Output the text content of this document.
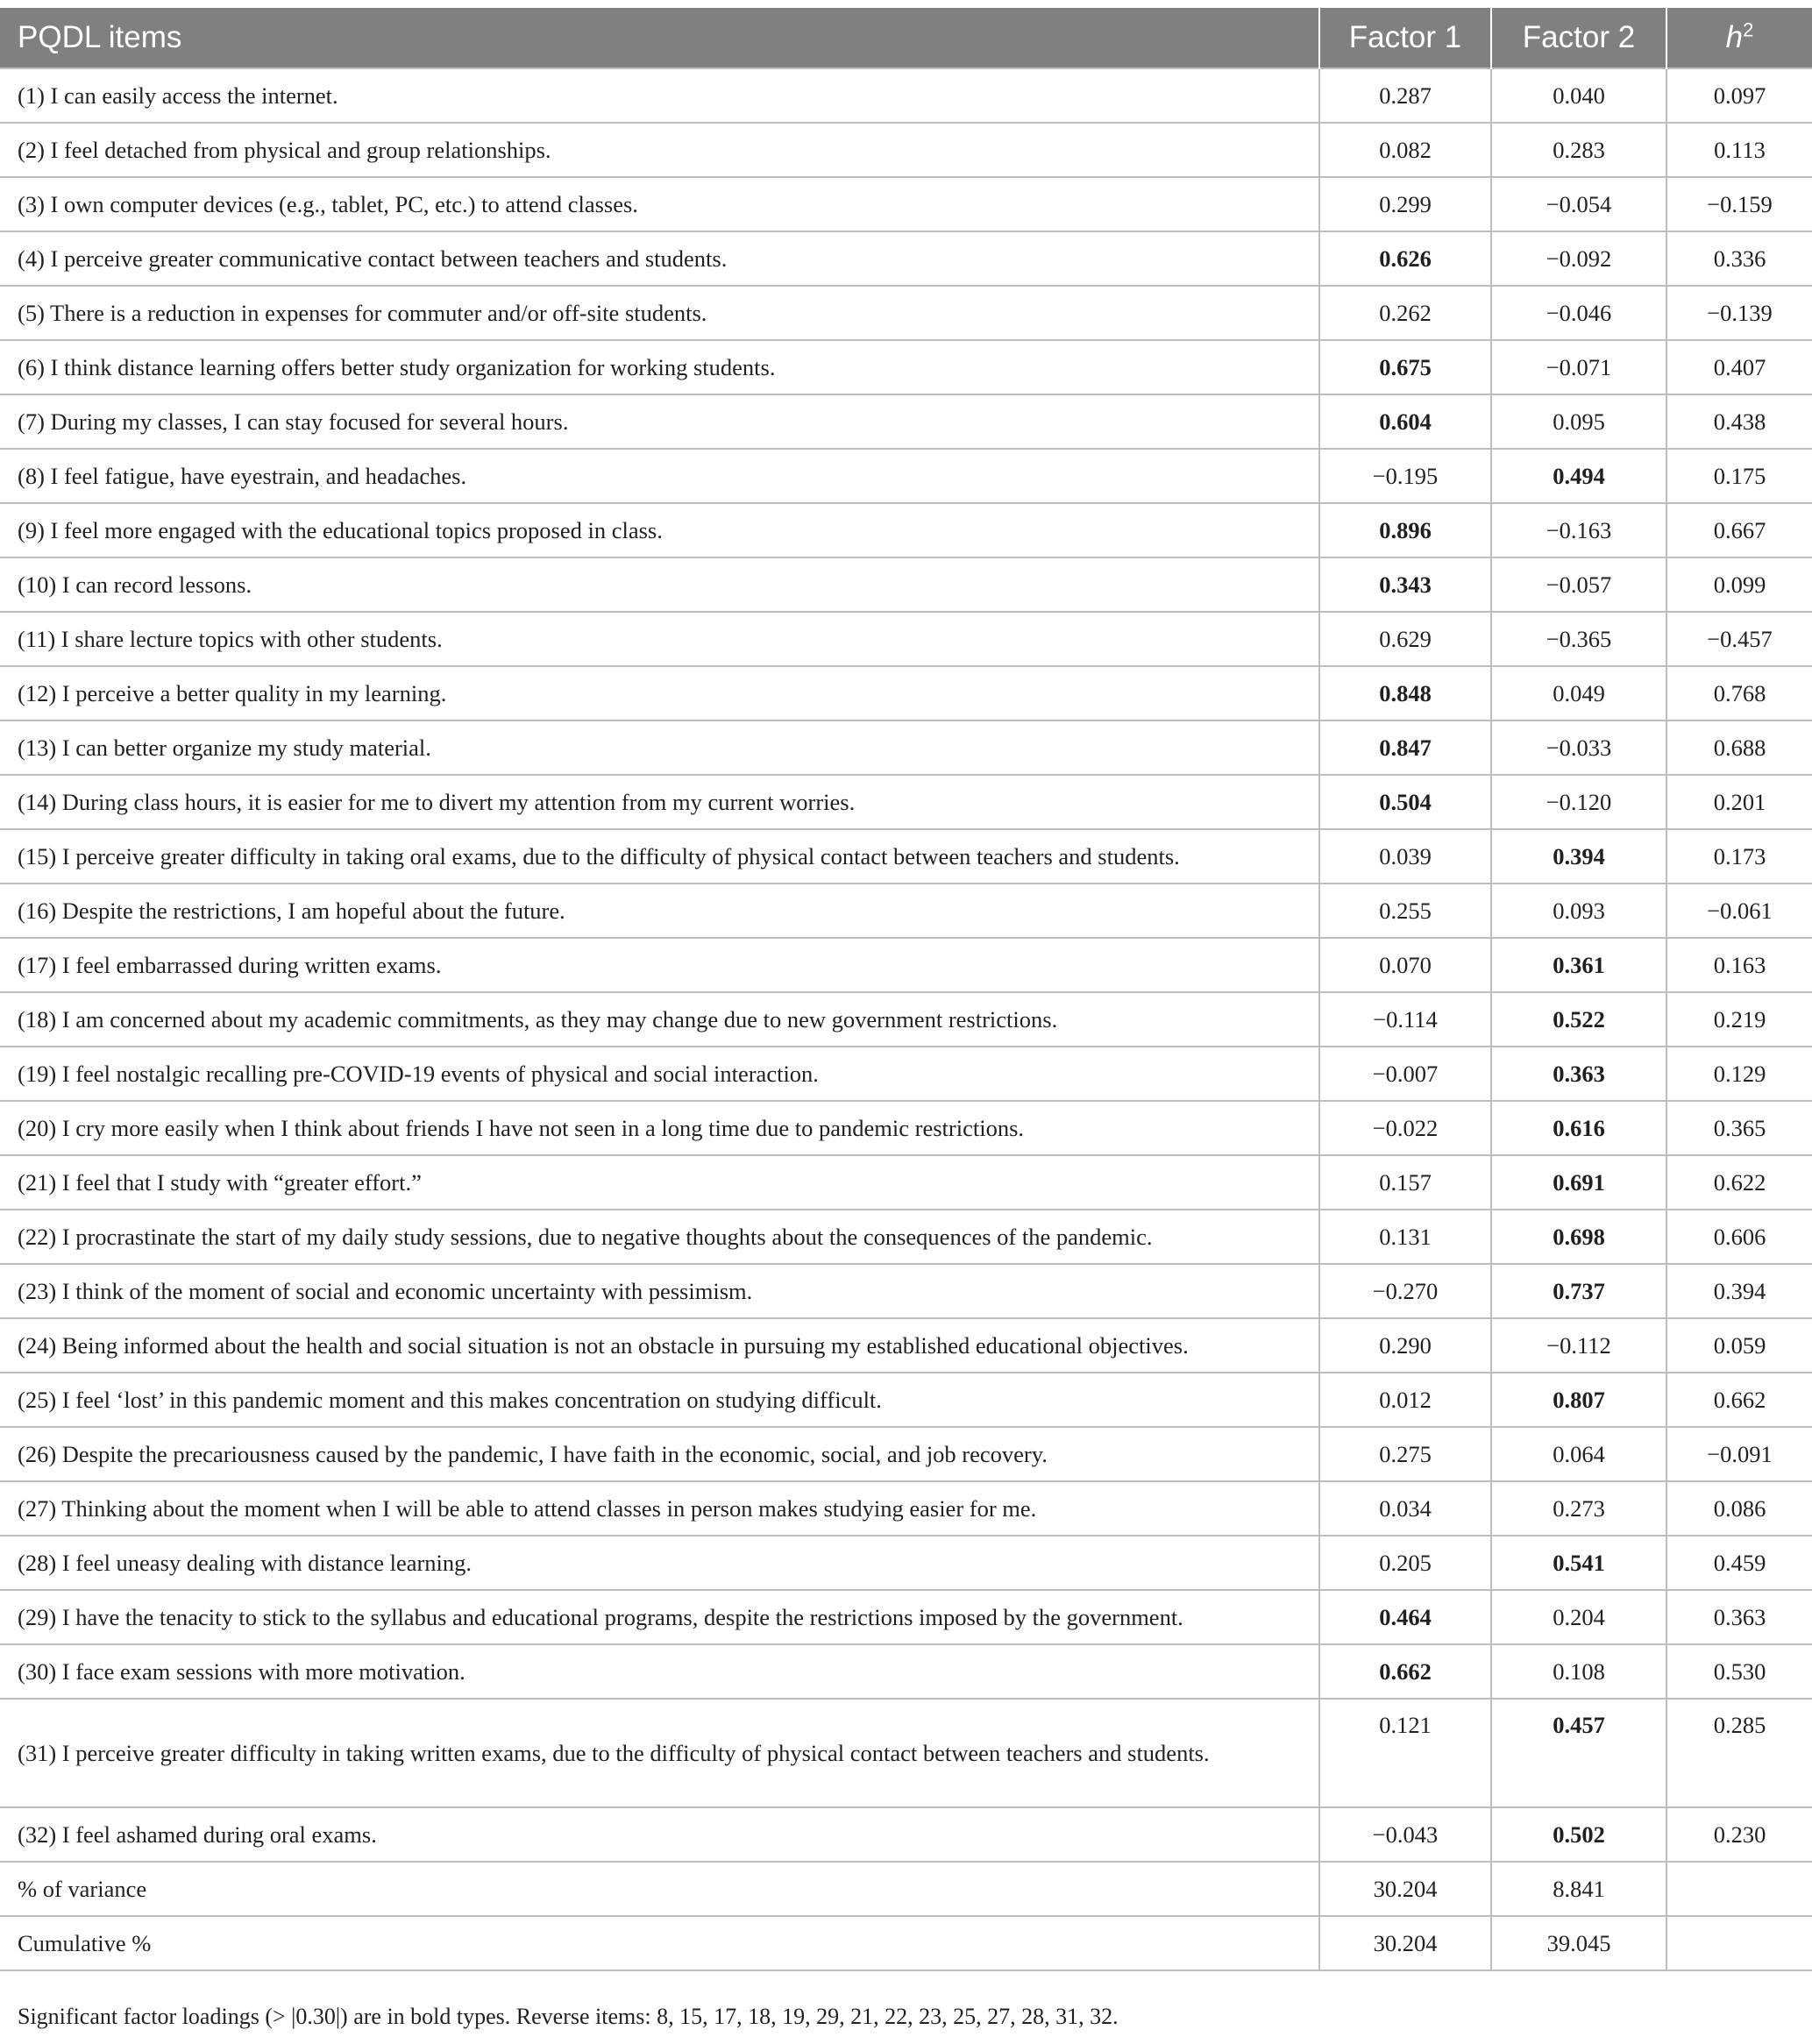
PQDL items	Factor 1	Factor 2	$h^2$
(1) I can easily access the internet.	0.287	0.040	0.097
(2) I feel detached from physical and group relationships.	0.082	0.283	0.113
(3) I own computer devices (e.g., tablet, PC, etc.) to attend classes.	0.299	−0.054	−0.159
(4) I perceive greater communicative contact between teachers and students.	0.626	−0.092	0.336
(5) There is a reduction in expenses for commuter and/or off-site students.	0.262	−0.046	−0.139
(6) I think distance learning offers better study organization for working students.	0.675	−0.071	0.407
(7) During my classes, I can stay focused for several hours.	0.604	0.095	0.438
(8) I feel fatigue, have eyestrain, and headaches.	−0.195	0.494	0.175
(9) I feel more engaged with the educational topics proposed in class.	0.896	−0.163	0.667
(10) I can record lessons.	0.343	−0.057	0.099
(11) I share lecture topics with other students.	0.629	−0.365	−0.457
(12) I perceive a better quality in my learning.	0.848	0.049	0.768
(13) I can better organize my study material.	0.847	−0.033	0.688
(14) During class hours, it is easier for me to divert my attention from my current worries.	0.504	−0.120	0.201
(15) I perceive greater difficulty in taking oral exams, due to the difficulty of physical contact between teachers and students.	0.039	0.394	0.173
(16) Despite the restrictions, I am hopeful about the future.	0.255	0.093	−0.061
(17) I feel embarrassed during written exams.	0.070	0.361	0.163
(18) I am concerned about my academic commitments, as they may change due to new government restrictions.	−0.114	0.522	0.219
(19) I feel nostalgic recalling pre-COVID-19 events of physical and social interaction.	−0.007	0.363	0.129
(20) I cry more easily when I think about friends I have not seen in a long time due to pandemic restrictions.	−0.022	0.616	0.365
(21) I feel that I study with “greater effort.”	0.157	0.691	0.622
(22) I procrastinate the start of my daily study sessions, due to negative thoughts about the consequences of the pandemic.	0.131	0.698	0.606
(23) I think of the moment of social and economic uncertainty with pessimism.	−0.270	0.737	0.394
(24) Being informed about the health and social situation is not an obstacle in pursuing my established educational objectives.	0.290	−0.112	0.059
(25) I feel ‘lost’ in this pandemic moment and this makes concentration on studying difficult.	0.012	0.807	0.662
(26) Despite the precariousness caused by the pandemic, I have faith in the economic, social, and job recovery.	0.275	0.064	−0.091
(27) Thinking about the moment when I will be able to attend classes in person makes studying easier for me.	0.034	0.273	0.086
(28) I feel uneasy dealing with distance learning.	0.205	0.541	0.459
(29) I have the tenacity to stick to the syllabus and educational programs, despite the restrictions imposed by the government.	0.464	0.204	0.363
(30) I face exam sessions with more motivation.	0.662	0.108	0.530
(31) I perceive greater difficulty in taking written exams, due to the difficulty of physical contact between teachers and students.	0.121	0.457	0.285
(32) I feel ashamed during oral exams.	−0.043	0.502	0.230
% of variance	30.204	8.841	
Cumulative %	30.204	39.045	
Significant factor loadings (> |0.30|) are in bold types. Reverse items: 8, 15, 17, 18, 19, 29, 21, 22, 23, 25, 27, 28, 31, 32.
